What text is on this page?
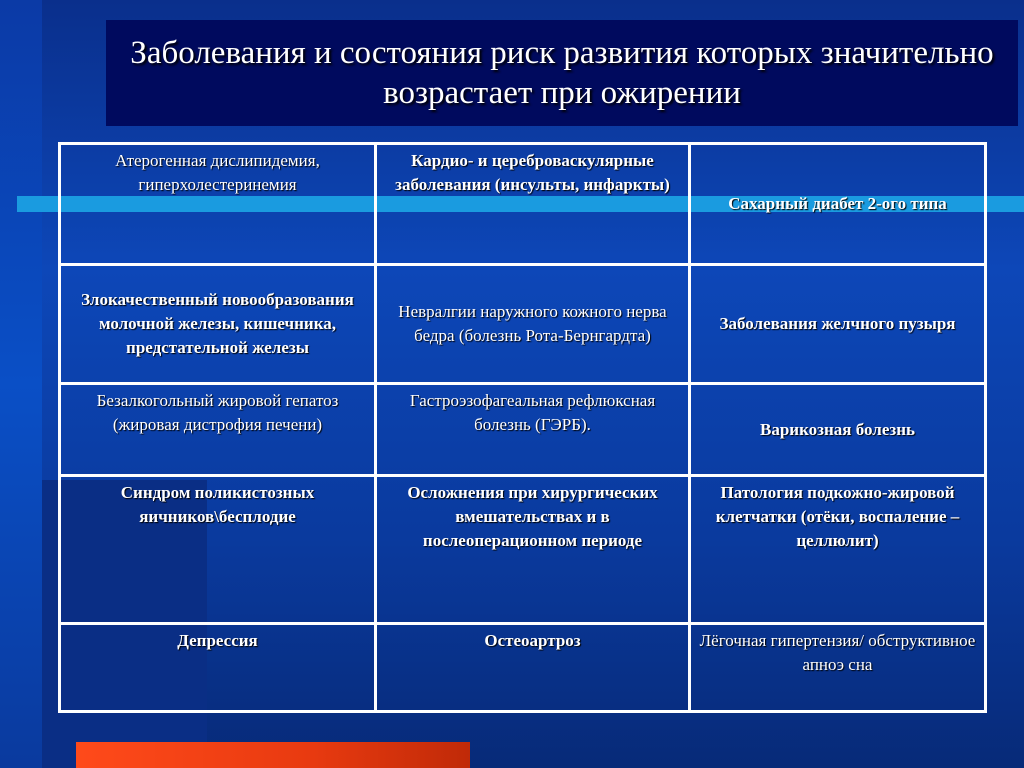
Заболевания и состояния риск развития которых значительно возрастает при ожирении
Атерогенная дислипидемия, гиперхолестеринемия	Кардио- и цереброваскулярные заболевания (инсульты, инфаркты)	Сахарный диабет 2-ого типа

Злокачественный новообразования молочной железы, кишечника, предстательной железы	Невралгии наружного кожного нерва бедра (болезнь Рота-Бернгардта)	Заболевания желчного пузыря

Безалкогольный жировой гепатоз (жировая дистрофия печени)	Гастроэзофагеальная рефлюксная болезнь (ГЭРБ).	Варикозная болезнь

Синдром поликистозных яичников\бесплодие	Осложнения при хирургических вмешательствах и в послеоперационном периоде	Патология подкожно-жировой клетчатки (отёки, воспаление – целлюлит)

Депрессия	Остеоартроз	Лёгочная гипертензия/ обструктивное апноэ сна
